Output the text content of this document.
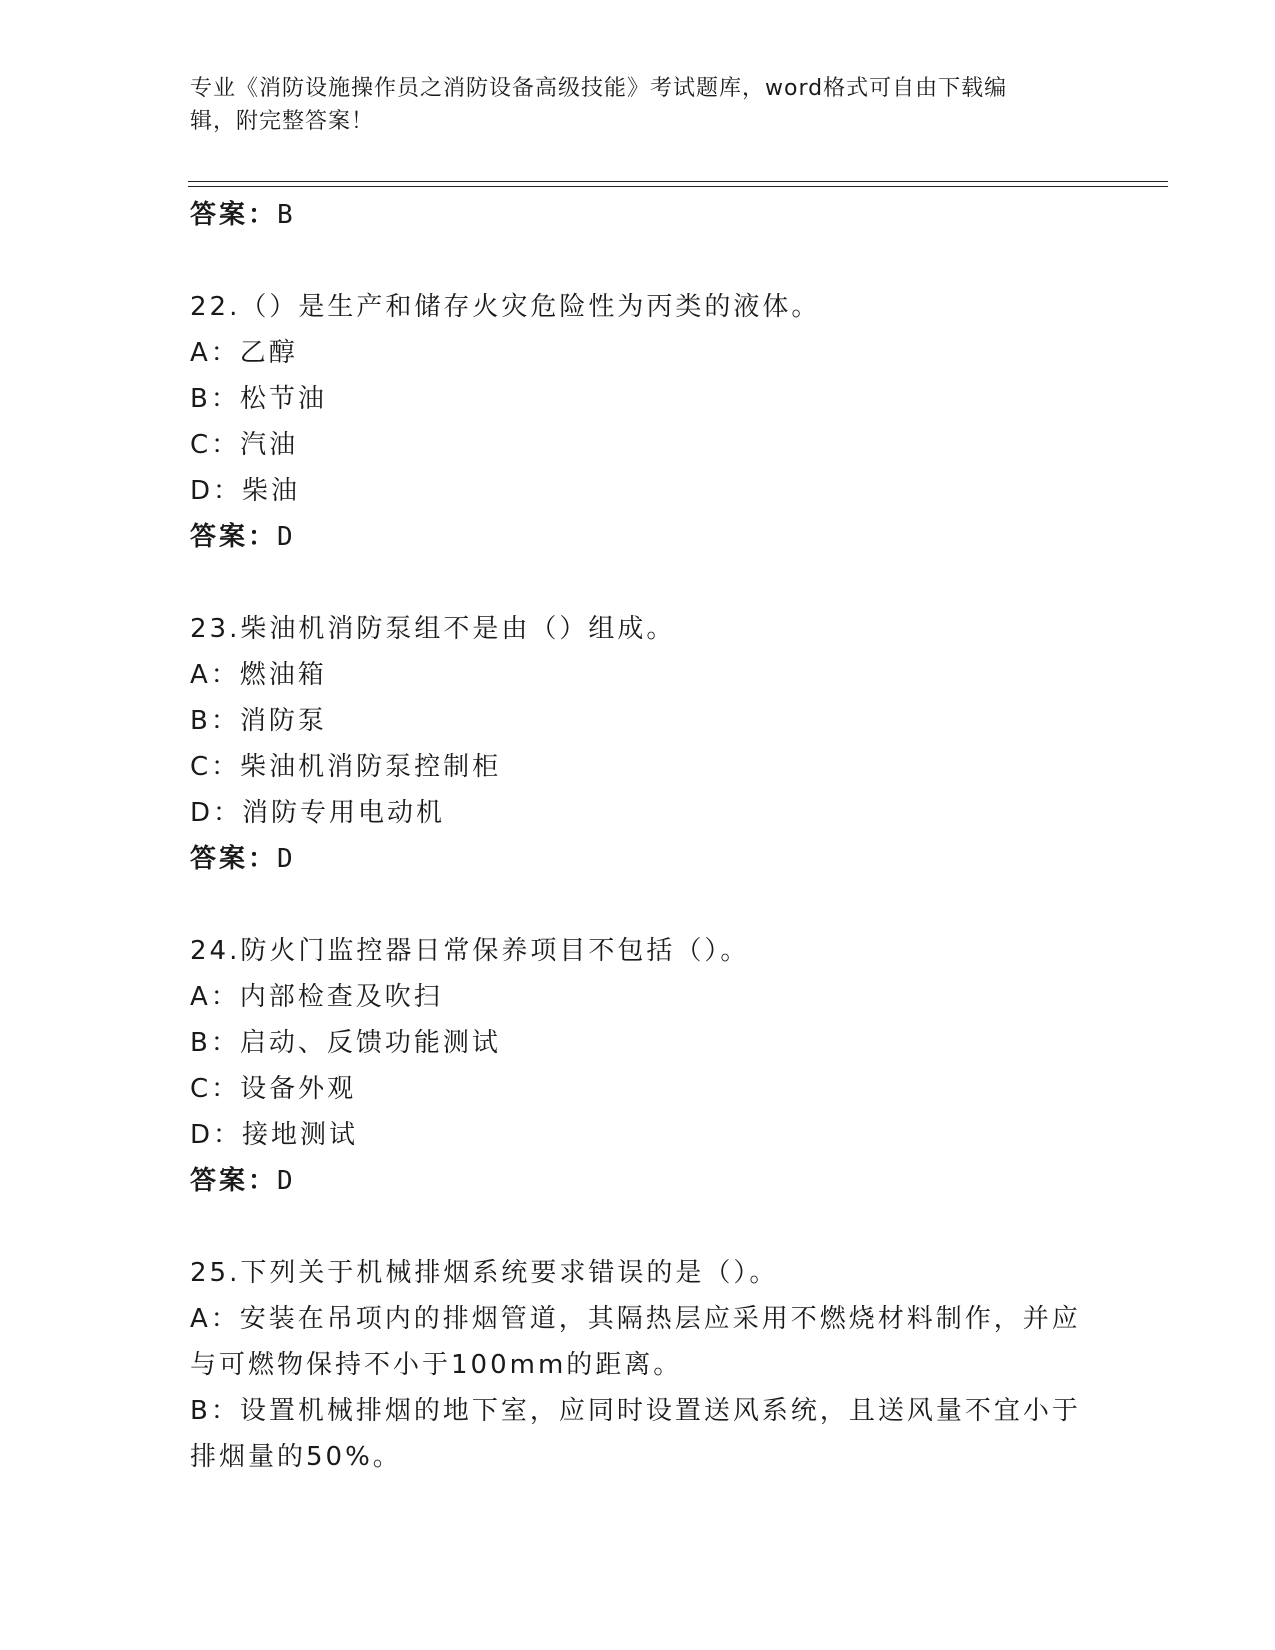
专业《消防设施操作员之消防设备高级技能》考试题库，word格式可自由下载编
辑，附完整答案！
答案：B
22.（）是生产和储存火灾危险性为丙类的液体。
A：乙醇
B：松节油
C：汽油
D：柴油
答案：D
23.柴油机消防泵组不是由（）组成。
A：燃油箱
B：消防泵
C：柴油机消防泵控制柜
D：消防专用电动机
答案：D
24.防火门监控器日常保养项目不包括（）。
A：内部检查及吹扫
B：启动、反馈功能测试
C：设备外观
D：接地测试
答案：D
25.下列关于机械排烟系统要求错误的是（）。
A：安装在吊项内的排烟管道，其隔热层应采用不燃烧材料制作，并应
与可燃物保持不小于100mm的距离。
B：设置机械排烟的地下室，应同时设置送风系统，且送风量不宜小于
排烟量的50%。
